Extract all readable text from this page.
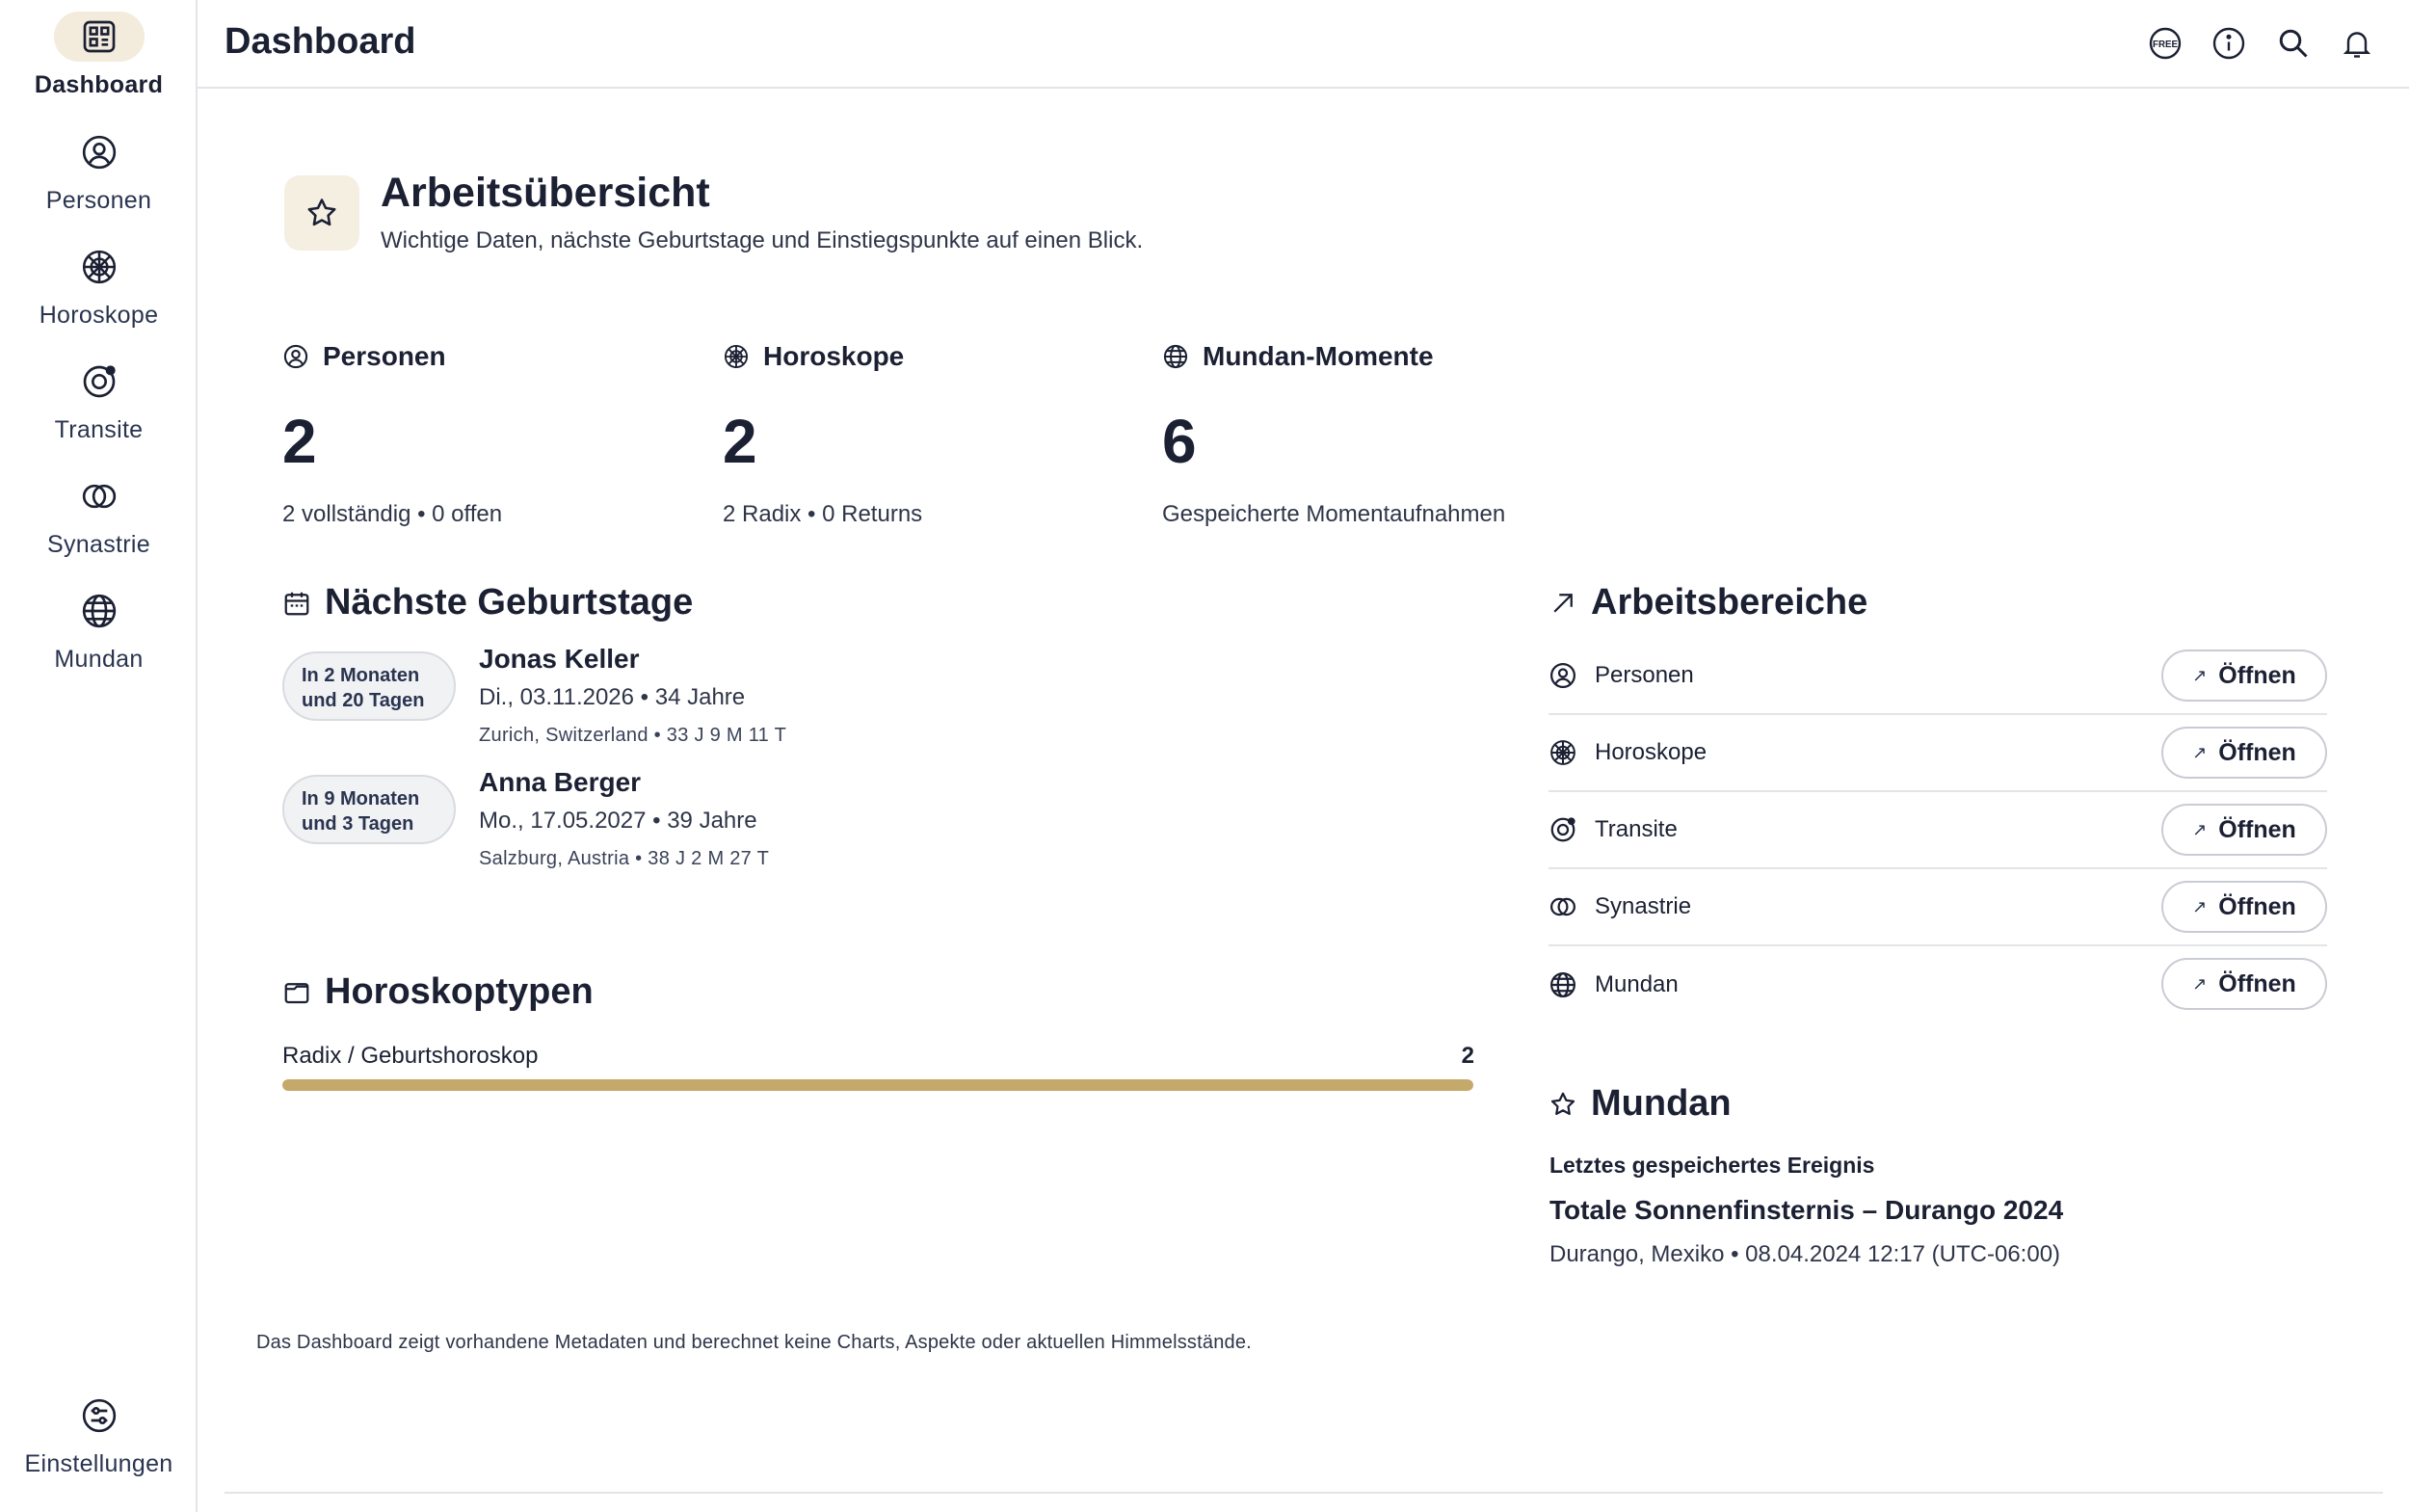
Dashboard
Personen
Horoskope
Transite
Synastrie
Mundan
Einstellungen
Dashboard	FREE
Arbeitsübersicht

Wichtige Daten, nächste Geburtstage und Einstiegspunkte auf einen Blick.

Personen
2
2 vollständig • 0 offen
Horoskope
2
2 Radix • 0 Returns
Mundan-Momente
6
Gespeicherte Momentaufnahmen
Nächste Geburtstage
In 2 Monaten
und 20 Tagen
Jonas Keller
Di., 03.11.2026 • 34 Jahre
Zurich, Switzerland • 33 J 9 M 11 T
In 9 Monaten
und 3 Tagen
Anna Berger
Mo., 17.05.2027 • 39 Jahre
Salzburg, Austria • 38 J 2 M 27 T
Horoskoptypen
Radix / Geburtshoroskop	2
Arbeitsbereiche
Personen	↗ Öffnen
Horoskope	↗ Öffnen
Transite	↗ Öffnen
Synastrie	↗ Öffnen
Mundan	↗ Öffnen
Mundan
Letztes gespeichertes Ereignis
Totale Sonnenfinsternis – Durango 2024
Durango, Mexiko • 08.04.2024 12:17 (UTC-06:00)

Das Dashboard zeigt vorhandene Metadaten und berechnet keine Charts, Aspekte oder aktuellen Himmelsstände.
